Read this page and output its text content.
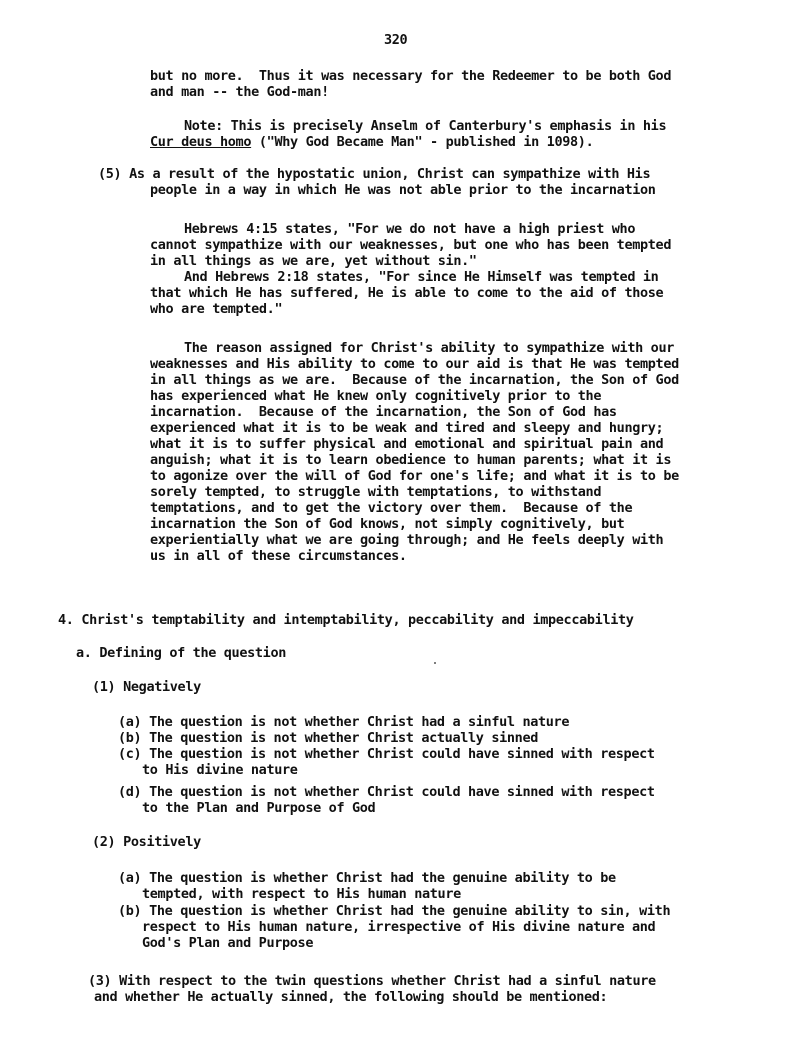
320
but no more.  Thus it was necessary for the Redeemer to be both God
and man -- the God-man!
Note: This is precisely Anselm of Canterbury's emphasis in his
Cur deus homo ("Why God Became Man" - published in 1098).
(5) As a result of the hypostatic union, Christ can sympathize with His
people in a way in which He was not able prior to the incarnation
Hebrews 4:15 states, "For we do not have a high priest who
cannot sympathize with our weaknesses, but one who has been tempted
in all things as we are, yet without sin."
And Hebrews 2:18 states, "For since He Himself was tempted in
that which He has suffered, He is able to come to the aid of those
who are tempted."
The reason assigned for Christ's ability to sympathize with our
weaknesses and His ability to come to our aid is that He was tempted
in all things as we are.  Because of the incarnation, the Son of God
has experienced what He knew only cognitively prior to the
incarnation.  Because of the incarnation, the Son of God has
experienced what it is to be weak and tired and sleepy and hungry;
what it is to suffer physical and emotional and spiritual pain and
anguish; what it is to learn obedience to human parents; what it is
to agonize over the will of God for one's life; and what it is to be
sorely tempted, to struggle with temptations, to withstand
temptations, and to get the victory over them.  Because of the
incarnation the Son of God knows, not simply cognitively, but
experientially what we are going through; and He feels deeply with
us in all of these circumstances.
4. Christ's temptability and intemptability, peccability and impeccability
a. Defining of the question
(1) Negatively
(a) The question is not whether Christ had a sinful nature
(b) The question is not whether Christ actually sinned
(c) The question is not whether Christ could have sinned with respect
to His divine nature
(d) The question is not whether Christ could have sinned with respect
to the Plan and Purpose of God
(2) Positively
(a) The question is whether Christ had the genuine ability to be
tempted, with respect to His human nature
(b) The question is whether Christ had the genuine ability to sin, with
respect to His human nature, irrespective of His divine nature and
God's Plan and Purpose
(3) With respect to the twin questions whether Christ had a sinful nature
and whether He actually sinned, the following should be mentioned:
